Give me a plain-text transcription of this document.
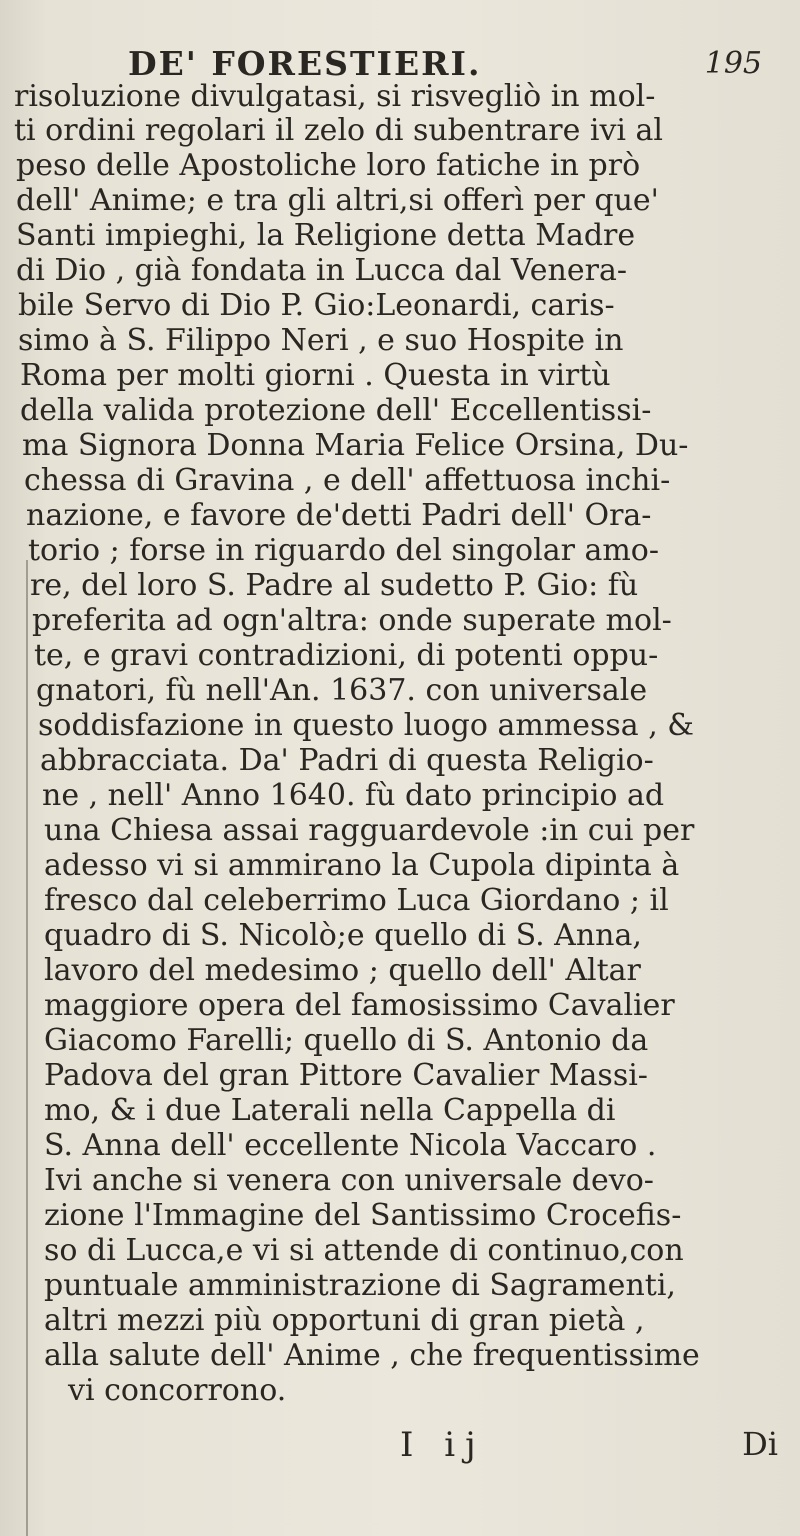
DE' FORESTIERI.	195
risoluzione divulgatasi, si risvegliò in mol-
ti ordini regolari il zelo di subentrare ivi al
peso delle Apostoliche loro fatiche in prò
dell' Anime; e tra gli altri,si offerì per que'
Santi impieghi, la Religione detta Madre
di Dio , già fondata in Lucca dal Venera-
bile Servo di Dio P. Gio:Leonardi, caris-
simo à S. Filippo Neri , e suo Hospite in
Roma per molti giorni . Questa in virtù
della valida protezione dell' Eccellentissi-
ma Signora Donna Maria Felice Orsina, Du-
chessa di Gravina , e dell' affettuosa inchi-
nazione, e favore de'detti Padri dell' Ora-
torio ; forse in riguardo del singolar amo-
re, del loro S. Padre al sudetto P. Gio: fù
preferita ad ogn'altra: onde superate mol-
te, e gravi contradizioni, di potenti oppu-
gnatori, fù nell'An. 1637. con universale
soddisfazione in questo luogo ammessa , &
abbracciata. Da' Padri di questa Religio-
ne , nell' Anno 1640. fù dato principio ad
una Chiesa assai ragguardevole :in cui per
adesso vi si ammirano la Cupola dipinta à
fresco dal celeberrimo Luca Giordano ; il
quadro di S. Nicolò;e quello di S. Anna,
lavoro del medesimo ; quello dell' Altar
maggiore opera del famosissimo Cavalier
Giacomo Farelli; quello di S. Antonio da
Padova del gran Pittore Cavalier Massi-
mo, & i due Laterali nella Cappella di
S. Anna dell' eccellente Nicola Vaccaro .
Ivi anche si venera con universale devo-
zione l'Immagine del Santissimo Crocefis-
so di Lucca,e vi si attende di continuo,con
puntuale amministrazione di Sagramenti,
altri mezzi più opportuni di gran pietà ,
alla salute dell' Anime , che frequentissime
vi concorrono.
I ij	Di
